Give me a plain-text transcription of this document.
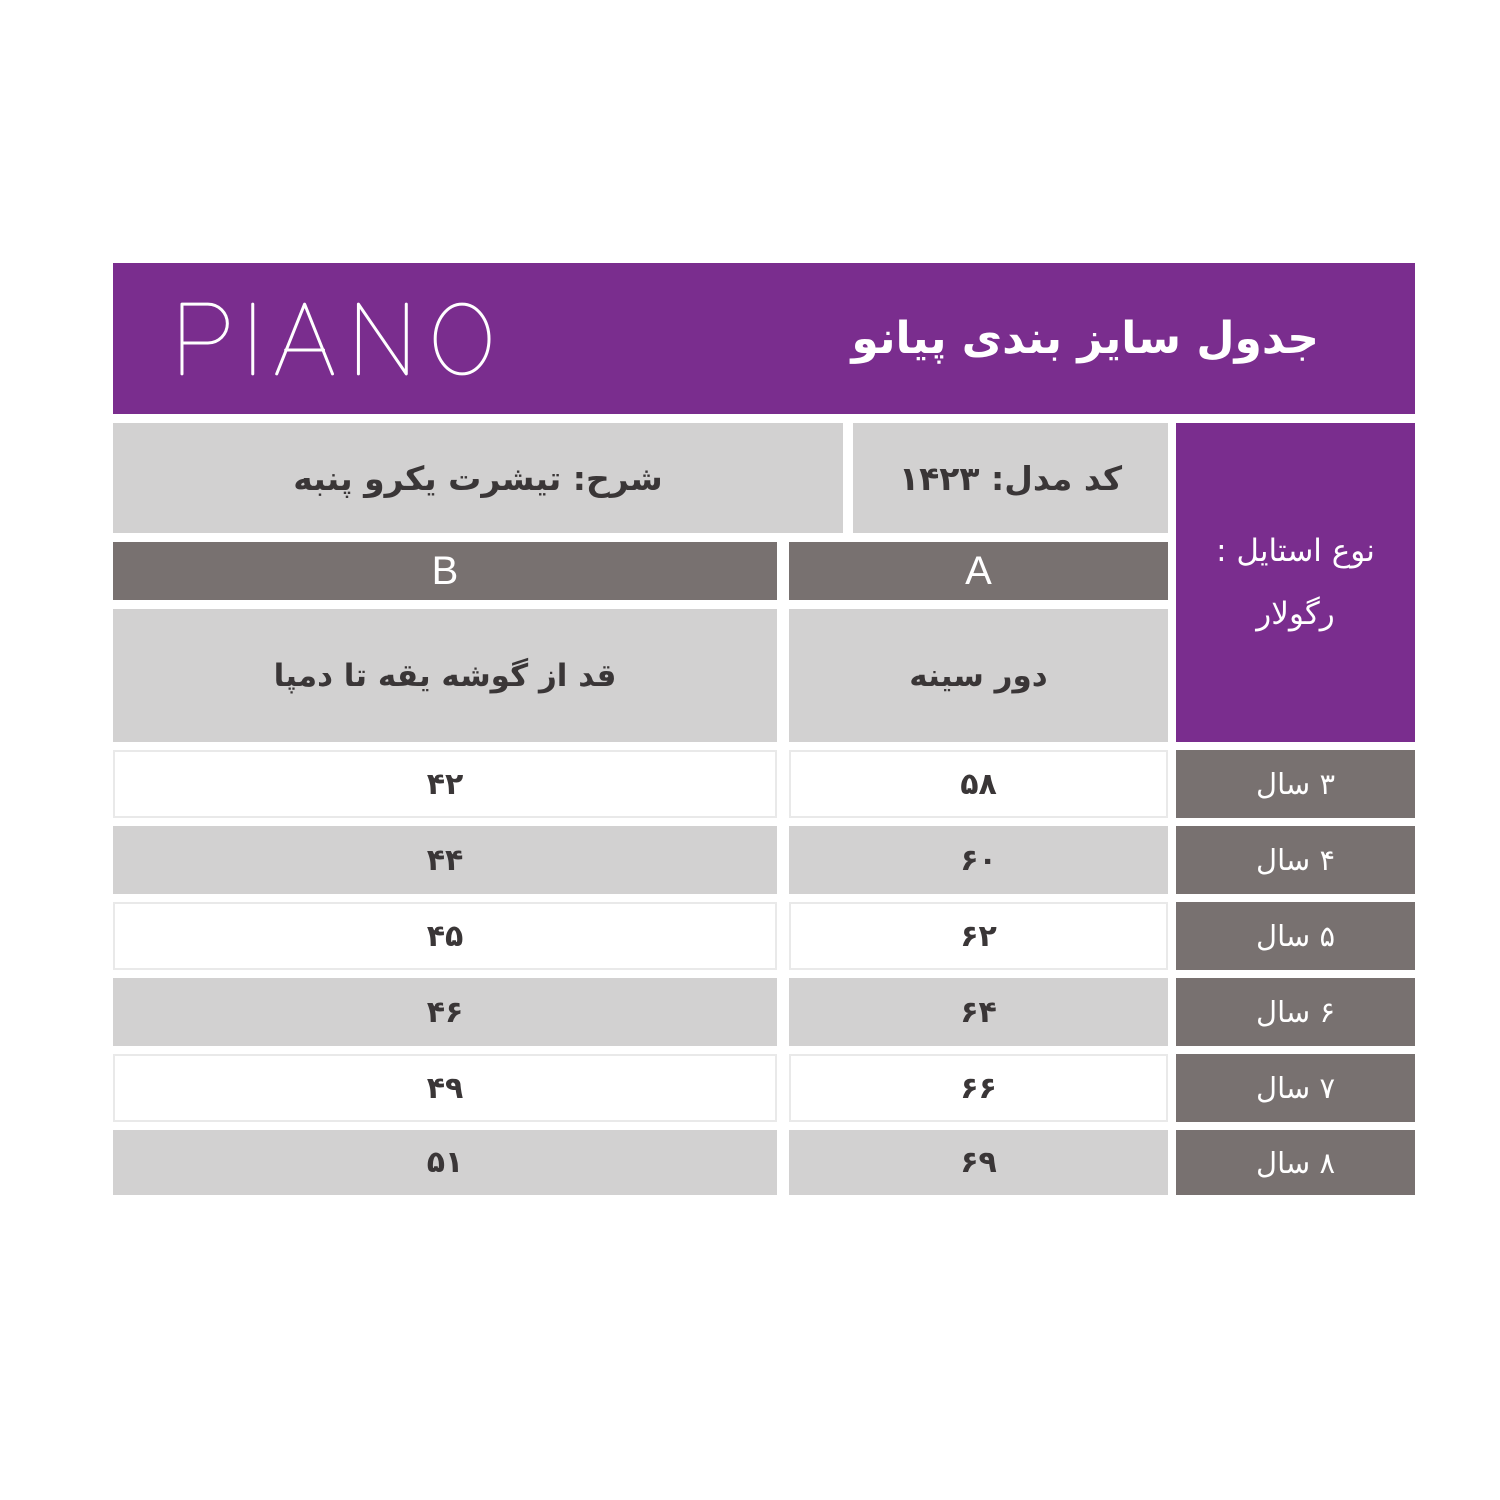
جدول سایز بندی پیانو
شرح: تیشرت یکرو پنبه	کد مدل: ۱۴۲۳
B	A
قد از گوشه یقه تا دمپا	دور سینه
۴۲	۵۸	۳ سال
۴۴	۶۰	۴ سال
۴۵	۶۲	۵ سال
۴۶	۶۴	۶ سال
۴۹	۶۶	۷ سال
۵۱	۶۹	۸ سال
نوع استایل :
رگولار
